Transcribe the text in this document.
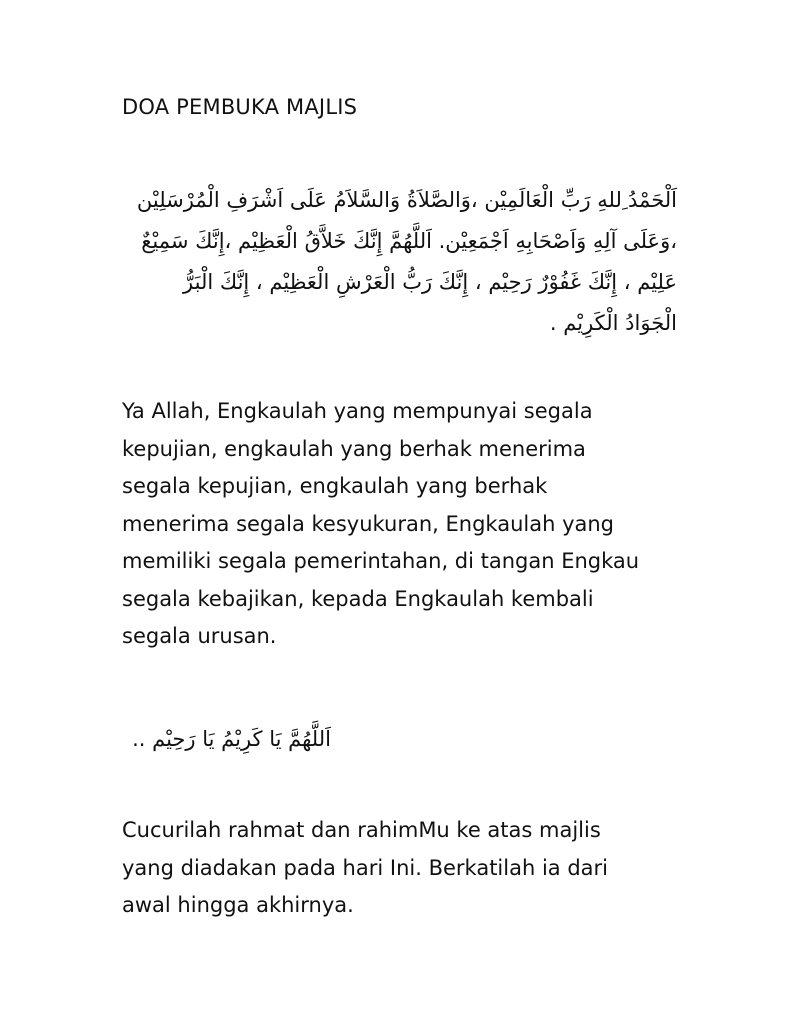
DOA PEMBUKA MAJLIS
اَلْحَمْدُ ِللهِ رَبِّ الْعَالَمِيْن ،وَالصَّلاَةُ وَالسَّلاَمُ عَلَى اَشْرَفِ الْمُرْسَلِيْن
،وَعَلَى آلِهِ وَاَصْحَابِهِ اَجْمَعِيْن. اَللَّهُمَّ إِنَّكَ خَلاَّقُ الْعَظِيْم ،إِنَّكَ سَمِيْعٌ
عَلِيْم ، إِنَّكَ غَفُوْرٌ رَحِيْم ، إِنَّكَ رَبُّ الْعَرْشِ الْعَظِيْم ، إِنَّكَ الْبَرُّ
الْجَوَادُ الْكَرِيْم .
Ya Allah, Engkaulah yang mempunyai segala
kepujian, engkaulah yang berhak menerima
segala kepujian, engkaulah yang berhak
menerima segala kesyukuran, Engkaulah yang
memiliki segala pemerintahan, di tangan Engkau
segala kebajikan, kepada Engkaulah kembali
segala urusan.
اَللَّهُمَّ يَا كَرِيْمُ يَا رَحِيْم ..
Cucurilah rahmat dan rahimMu ke atas majlis
yang diadakan pada hari Ini. Berkatilah ia dari
awal hingga akhirnya.
